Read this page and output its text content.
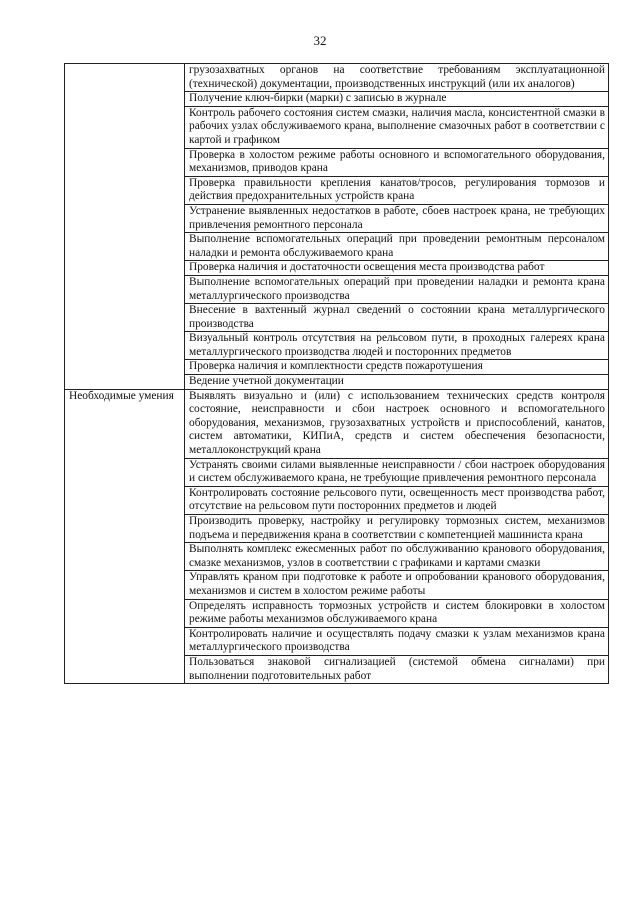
32
	грузозахватных органов на соответствие требованиям эксплуатационной (технической) документации, производственных инструкций (или их аналогов)
	Получение ключ-бирки (марки) с записью в журнале
	Контроль рабочего состояния систем смазки, наличия масла, консистентной смазки в рабочих узлах обслуживаемого крана, выполнение смазочных работ в соответствии с картой и графиком
	Проверка в холостом режиме работы основного и вспомогательного оборудования, механизмов, приводов крана
	Проверка правильности крепления канатов/тросов, регулирования тормозов и действия предохранительных устройств крана
	Устранение выявленных недостатков в работе, сбоев настроек крана, не требующих привлечения ремонтного персонала
	Выполнение вспомогательных операций при проведении ремонтным персоналом наладки и ремонта обслуживаемого крана
	Проверка наличия и достаточности освещения места производства работ
	Выполнение вспомогательных операций при проведении наладки и ремонта крана металлургического производства
	Внесение в вахтенный журнал сведений о состоянии крана металлургического производства
	Визуальный контроль отсутствия на рельсовом пути, в проходных галереях крана металлургического производства людей и посторонних предметов
	Проверка наличия и комплектности средств пожаротушения
	Ведение учетной документации
Необходимые умения	Выявлять визуально и (или) с использованием технических средств контроля состояние, неисправности и сбои настроек основного и вспомогательного оборудования, механизмов, грузозахватных устройств и приспособлений, канатов, систем автоматики, КИПиА, средств и систем обеспечения безопасности, металлоконструкций крана
	Устранять своими силами выявленные неисправности / сбои настроек оборудования и систем обслуживаемого крана, не требующие привлечения ремонтного персонала
	Контролировать состояние рельсового пути, освещенность мест производства работ, отсутствие на рельсовом пути посторонних предметов и людей
	Производить проверку, настройку и регулировку тормозных систем, механизмов подъема и передвижения крана в соответствии с компетенцией машиниста крана
	Выполнять комплекс ежесменных работ по обслуживанию кранового оборудования, смазке механизмов, узлов в соответствии с графиками и картами смазки
	Управлять краном при подготовке к работе и опробовании кранового оборудования, механизмов и систем в холостом режиме работы
	Определять исправность тормозных устройств и систем блокировки в холостом режиме работы механизмов обслуживаемого крана
	Контролировать наличие и осуществлять подачу смазки к узлам механизмов крана металлургического производства
	Пользоваться знаковой сигнализацией (системой обмена сигналами) при выполнении подготовительных работ
